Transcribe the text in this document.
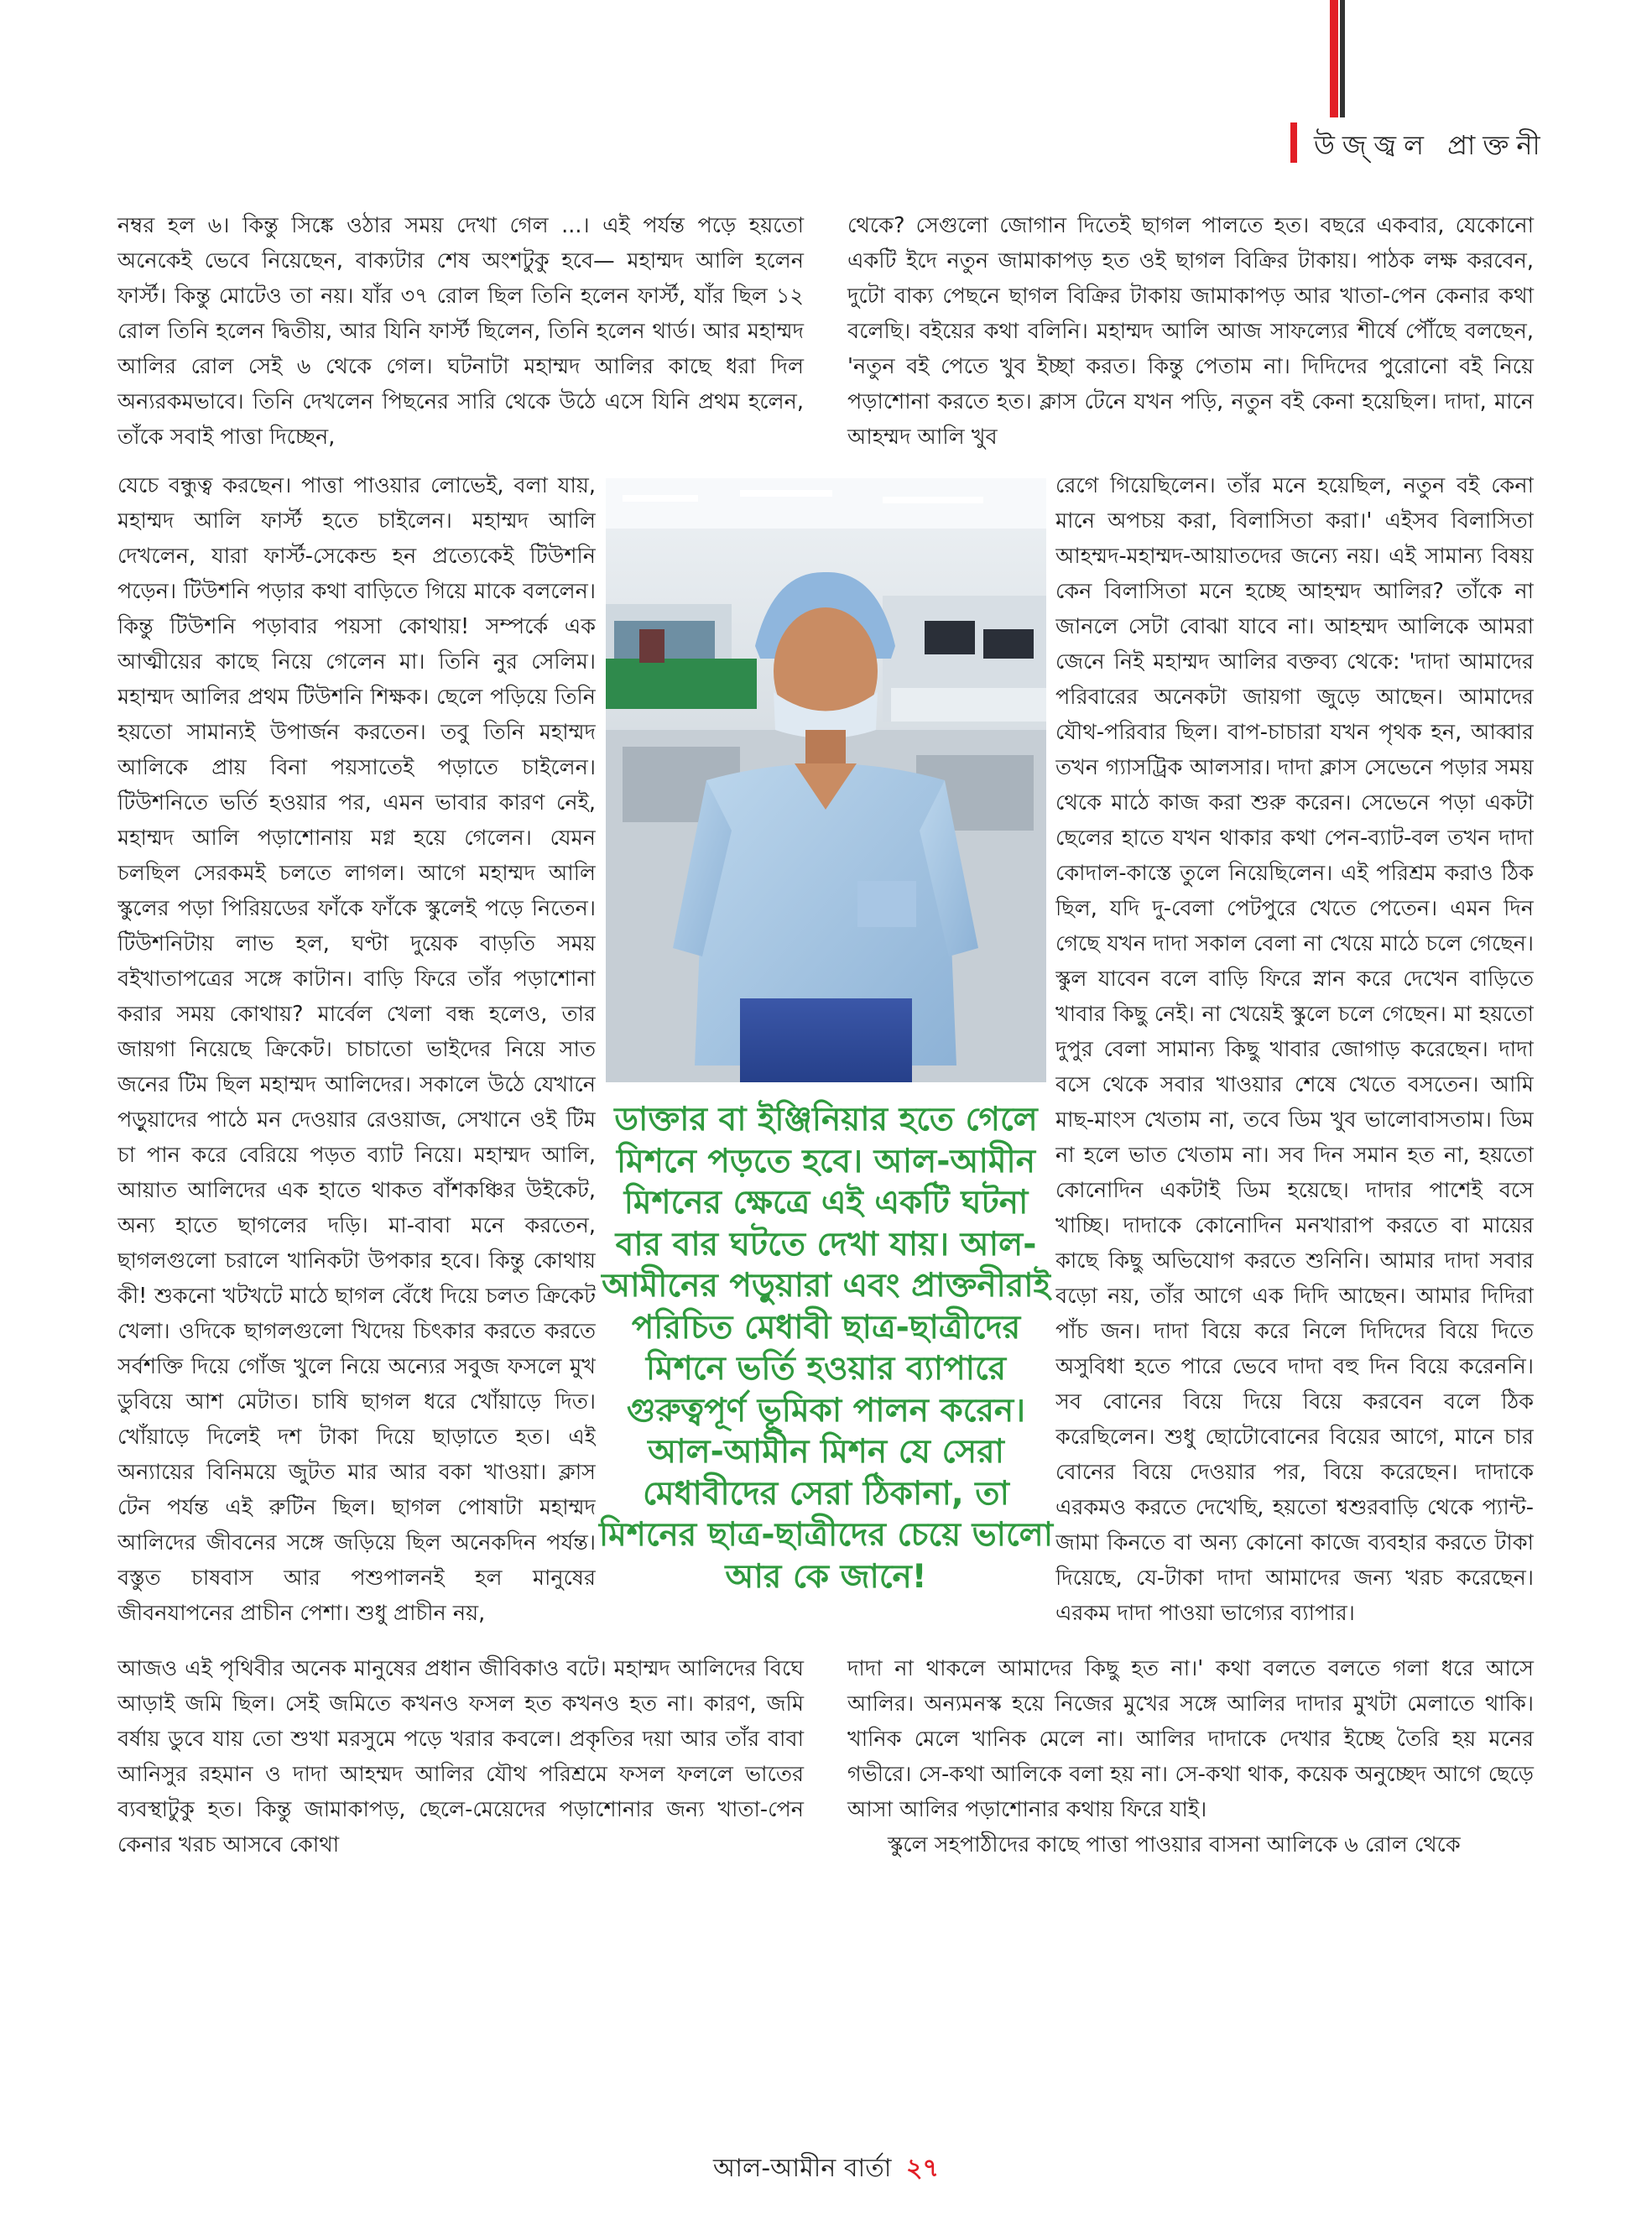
উজ্জ্বল প্রাক্তনী

নম্বর হল ৬। কিন্তু সিঙ্কে ওঠার সময় দেখা গেল ...। এই পর্যন্ত পড়ে হয়তো অনেকেই ভেবে নিয়েছেন, বাক্যটার শেষ অংশটুকু হবে— মহাম্মদ আলি হলেন ফার্স্ট। কিন্তু মোটেও তা নয়। যাঁর ৩৭ রোল ছিল তিনি হলেন ফার্স্ট, যাঁর ছিল ১২ রোল তিনি হলেন দ্বিতীয়, আর যিনি ফার্স্ট ছিলেন, তিনি হলেন থার্ড। আর মহাম্মদ আলির রোল সেই ৬ থেকে গেল। ঘটনাটা মহাম্মদ আলির কাছে ধরা দিল অন্যরকমভাবে। তিনি দেখলেন পিছনের সারি থেকে উঠে এসে যিনি প্রথম হলেন, তাঁকে সবাই পাত্তা দিচ্ছেন,

যেচে বন্ধুত্ব করছেন। পাত্তা পাওয়ার লোভেই, বলা যায়, মহাম্মদ আলি ফার্স্ট হতে চাইলেন। মহাম্মদ আলি দেখলেন, যারা ফার্স্ট-সেকেন্ড হন প্রত্যেকেই টিউশনি পড়েন। টিউশনি পড়ার কথা বাড়িতে গিয়ে মাকে বললেন। কিন্তু টিউশনি পড়াবার পয়সা কোথায়! সম্পর্কে এক আত্মীয়ের কাছে নিয়ে গেলেন মা। তিনি নুর সেলিম। মহাম্মদ আলির প্রথম টিউশনি শিক্ষক। ছেলে পড়িয়ে তিনি হয়তো সামান্যই উপার্জন করতেন। তবু তিনি মহাম্মদ আলিকে প্রায় বিনা পয়সাতেই পড়াতে চাইলেন। টিউশনিতে ভর্তি হওয়ার পর, এমন ভাবার কারণ নেই, মহাম্মদ আলি পড়াশোনায় মগ্ন হয়ে গেলেন। যেমন চলছিল সেরকমই চলতে লাগল। আগে মহাম্মদ আলি স্কুলের পড়া পিরিয়ডের ফাঁকে ফাঁকে স্কুলেই পড়ে নিতেন। টিউশনিটায় লাভ হল, ঘণ্টা দুয়েক বাড়তি সময় বইখাতাপত্রের সঙ্গে কাটান। বাড়ি ফিরে তাঁর পড়াশোনা করার সময় কোথায়? মার্বেল খেলা বন্ধ হলেও, তার জায়গা নিয়েছে ক্রিকেট। চাচাতো ভাইদের নিয়ে সাত জনের টিম ছিল মহাম্মদ আলিদের। সকালে উঠে যেখানে পড়ুয়াদের পাঠে মন দেওয়ার রেওয়াজ, সেখানে ওই টিম চা পান করে বেরিয়ে পড়ত ব্যাট নিয়ে। মহাম্মদ আলি, আয়াত আলিদের এক হাতে থাকত বাঁশকঞ্চির উইকেট, অন্য হাতে ছাগলের দড়ি। মা-বাবা মনে করতেন, ছাগলগুলো চরালে খানিকটা উপকার হবে। কিন্তু কোথায় কী! শুকনো খটখটে মাঠে ছাগল বেঁধে দিয়ে চলত ক্রিকেট খেলা। ওদিকে ছাগলগুলো খিদেয় চিৎকার করতে করতে সর্বশক্তি দিয়ে গোঁজ খুলে নিয়ে অন্যের সবুজ ফসলে মুখ ডুবিয়ে আশ মেটাত। চাষি ছাগল ধরে খোঁয়াড়ে দিত। খোঁয়াড়ে দিলেই দশ টাকা দিয়ে ছাড়াতে হত। এই অন্যায়ের বিনিময়ে জুটত মার আর বকা খাওয়া। ক্লাস টেন পর্যন্ত এই রুটিন ছিল। ছাগল পোষাটা মহাম্মদ আলিদের জীবনের সঙ্গে জড়িয়ে ছিল অনেকদিন পর্যন্ত। বস্তুত চাষবাস আর পশুপালনই হল মানুষের জীবনযাপনের প্রাচীন পেশা। শুধু প্রাচীন নয়,

আজও এই পৃথিবীর অনেক মানুষের প্রধান জীবিকাও বটে। মহাম্মদ আলিদের বিঘে আড়াই জমি ছিল। সেই জমিতে কখনও ফসল হত কখনও হত না। কারণ, জমি বর্ষায় ডুবে যায় তো শুখা মরসুমে পড়ে খরার কবলে। প্রকৃতির দয়া আর তাঁর বাবা আনিসুর রহমান ও দাদা আহম্মদ আলির যৌথ পরিশ্রমে ফসল ফললে ভাতের ব্যবস্থাটুকু হত। কিন্তু জামাকাপড়, ছেলে-মেয়েদের পড়াশোনার জন্য খাতা-পেন কেনার খরচ আসবে কোথা

থেকে? সেগুলো জোগান দিতেই ছাগল পালতে হত। বছরে একবার, যেকোনো একটি ইদে নতুন জামাকাপড় হত ওই ছাগল বিক্রির টাকায়। পাঠক লক্ষ করবেন, দুটো বাক্য পেছনে ছাগল বিক্রির টাকায় জামাকাপড় আর খাতা-পেন কেনার কথা বলেছি। বইয়ের কথা বলিনি। মহাম্মদ আলি আজ সাফল্যের শীর্ষে পৌঁছে বলছেন, 'নতুন বই পেতে খুব ইচ্ছা করত। কিন্তু পেতাম না। দিদিদের পুরোনো বই নিয়ে পড়াশোনা করতে হত। ক্লাস টেনে যখন পড়ি, নতুন বই কেনা হয়েছিল। দাদা, মানে আহম্মদ আলি খুব

রেগে গিয়েছিলেন। তাঁর মনে হয়েছিল, নতুন বই কেনা মানে অপচয় করা, বিলাসিতা করা।' এইসব বিলাসিতা আহম্মদ-মহাম্মদ-আয়াতদের জন্যে নয়। এই সামান্য বিষয় কেন বিলাসিতা মনে হচ্ছে আহম্মদ আলির? তাঁকে না জানলে সেটা বোঝা যাবে না। আহম্মদ আলিকে আমরা জেনে নিই মহাম্মদ আলির বক্তব্য থেকে: 'দাদা আমাদের পরিবারের অনেকটা জায়গা জুড়ে আছেন। আমাদের যৌথ-পরিবার ছিল। বাপ-চাচারা যখন পৃথক হন, আব্বার তখন গ্যাসট্রিক আলসার। দাদা ক্লাস সেভেনে পড়ার সময় থেকে মাঠে কাজ করা শুরু করেন। সেভেনে পড়া একটা ছেলের হাতে যখন থাকার কথা পেন-ব্যাট-বল তখন দাদা কোদাল-কাস্তে তুলে নিয়েছিলেন। এই পরিশ্রম করাও ঠিক ছিল, যদি দু-বেলা পেটপুরে খেতে পেতেন। এমন দিন গেছে যখন দাদা সকাল বেলা না খেয়ে মাঠে চলে গেছেন। স্কুল যাবেন বলে বাড়ি ফিরে স্নান করে দেখেন বাড়িতে খাবার কিছু নেই। না খেয়েই স্কুলে চলে গেছেন। মা হয়তো দুপুর বেলা সামান্য কিছু খাবার জোগাড় করেছেন। দাদা বসে থেকে সবার খাওয়ার শেষে খেতে বসতেন। আমি মাছ-মাংস খেতাম না, তবে ডিম খুব ভালোবাসতাম। ডিম না হলে ভাত খেতাম না। সব দিন সমান হত না, হয়তো কোনোদিন একটাই ডিম হয়েছে। দাদার পাশেই বসে খাচ্ছি। দাদাকে কোনোদিন মনখারাপ করতে বা মায়ের কাছে কিছু অভিযোগ করতে শুনিনি। আমার দাদা সবার বড়ো নয়, তাঁর আগে এক দিদি আছেন। আমার দিদিরা পাঁচ জন। দাদা বিয়ে করে নিলে দিদিদের বিয়ে দিতে অসুবিধা হতে পারে ভেবে দাদা বহু দিন বিয়ে করেননি। সব বোনের বিয়ে দিয়ে বিয়ে করবেন বলে ঠিক করেছিলেন। শুধু ছোটোবোনের বিয়ের আগে, মানে চার বোনের বিয়ে দেওয়ার পর, বিয়ে করেছেন। দাদাকে এরকমও করতে দেখেছি, হয়তো শ্বশুরবাড়ি থেকে প্যান্ট-জামা কিনতে বা অন্য কোনো কাজে ব্যবহার করতে টাকা দিয়েছে, যে-টাকা দাদা আমাদের জন্য খরচ করেছেন। এরকম দাদা পাওয়া ভাগ্যের ব্যাপার।

দাদা না থাকলে আমাদের কিছু হত না।' কথা বলতে বলতে গলা ধরে আসে আলির। অন্যমনস্ক হয়ে নিজের মুখের সঙ্গে আলির দাদার মুখটা মেলাতে থাকি। খানিক মেলে খানিক মেলে না। আলির দাদাকে দেখার ইচ্ছে তৈরি হয় মনের গভীরে। সে-কথা আলিকে বলা হয় না। সে-কথা থাক, কয়েক অনুচ্ছেদ আগে ছেড়ে আসা আলির পড়াশোনার কথায় ফিরে যাই।

স্কুলে সহপাঠীদের কাছে পাত্তা পাওয়ার বাসনা আলিকে ৬ রোল থেকে

ডাক্তার বা ইঞ্জিনিয়ার হতে গেলে মিশনে পড়তে হবে। আল-আমীন মিশনের ক্ষেত্রে এই একটি ঘটনা বার বার ঘটতে দেখা যায়। আল-আমীনের পড়ুয়ারা এবং প্রাক্তনীরাই পরিচিত মেধাবী ছাত্র-ছাত্রীদের মিশনে ভর্তি হওয়ার ব্যাপারে গুরুত্বপূর্ণ ভূমিকা পালন করেন। আল-আমীন মিশন যে সেরা মেধাবীদের সেরা ঠিকানা, তা মিশনের ছাত্র-ছাত্রীদের চেয়ে ভালো আর কে জানে!

আল-আমীন বার্তা ২৭
